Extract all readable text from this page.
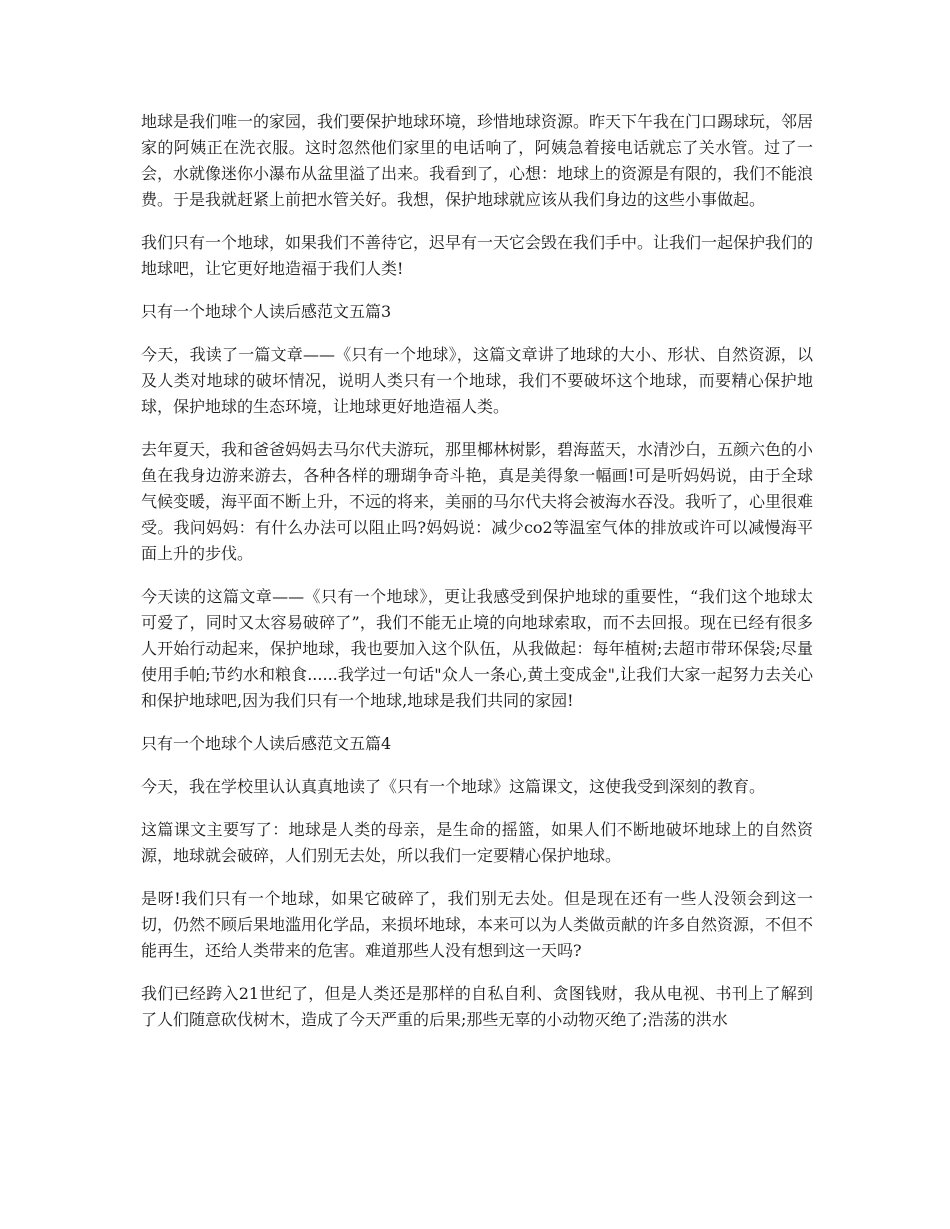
地球是我们唯一的家园，我们要保护地球环境，珍惜地球资源。昨天下午我在门口踢球玩，邻居家的阿姨正在洗衣服。这时忽然他们家里的电话响了，阿姨急着接电话就忘了关水管。过了一会，水就像迷你小瀑布从盆里溢了出来。我看到了，心想：地球上的资源是有限的，我们不能浪费。于是我就赶紧上前把水管关好。我想，保护地球就应该从我们身边的这些小事做起。

我们只有一个地球，如果我们不善待它，迟早有一天它会毁在我们手中。让我们一起保护我们的地球吧，让它更好地造福于我们人类!

只有一个地球个人读后感范文五篇3

今天，我读了一篇文章——《只有一个地球》，这篇文章讲了地球的大小、形状、自然资源，以及人类对地球的破坏情况，说明人类只有一个地球，我们不要破坏这个地球，而要精心保护地球，保护地球的生态环境，让地球更好地造福人类。

去年夏天，我和爸爸妈妈去马尔代夫游玩，那里椰林树影，碧海蓝天，水清沙白，五颜六色的小鱼在我身边游来游去，各种各样的珊瑚争奇斗艳，真是美得象一幅画!可是听妈妈说，由于全球气候变暖，海平面不断上升，不远的将来，美丽的马尔代夫将会被海水吞没。我听了，心里很难受。我问妈妈：有什么办法可以阻止吗?妈妈说：减少co2等温室气体的排放或许可以减慢海平面上升的步伐。

今天读的这篇文章——《只有一个地球》，更让我感受到保护地球的重要性，“我们这个地球太可爱了，同时又太容易破碎了”，我们不能无止境的向地球索取，而不去回报。现在已经有很多人开始行动起来，保护地球，我也要加入这个队伍，从我做起：每年植树;去超市带环保袋;尽量使用手帕;节约水和粮食......我学过一句话"众人一条心,黄土变成金",让我们大家一起努力去关心和保护地球吧,因为我们只有一个地球,地球是我们共同的家园!

只有一个地球个人读后感范文五篇4

今天，我在学校里认认真真地读了《只有一个地球》这篇课文，这使我受到深刻的教育。

这篇课文主要写了：地球是人类的母亲，是生命的摇篮，如果人们不断地破坏地球上的自然资源，地球就会破碎，人们别无去处，所以我们一定要精心保护地球。

是呀!我们只有一个地球，如果它破碎了，我们别无去处。但是现在还有一些人没领会到这一切，仍然不顾后果地滥用化学品，来损坏地球，本来可以为人类做贡献的许多自然资源，不但不能再生，还给人类带来的危害。难道那些人没有想到这一天吗?

我们已经跨入21世纪了，但是人类还是那样的自私自利、贪图钱财，我从电视、书刊上了解到了人们随意砍伐树木，造成了今天严重的后果;那些无辜的小动物灭绝了;浩荡的洪水
